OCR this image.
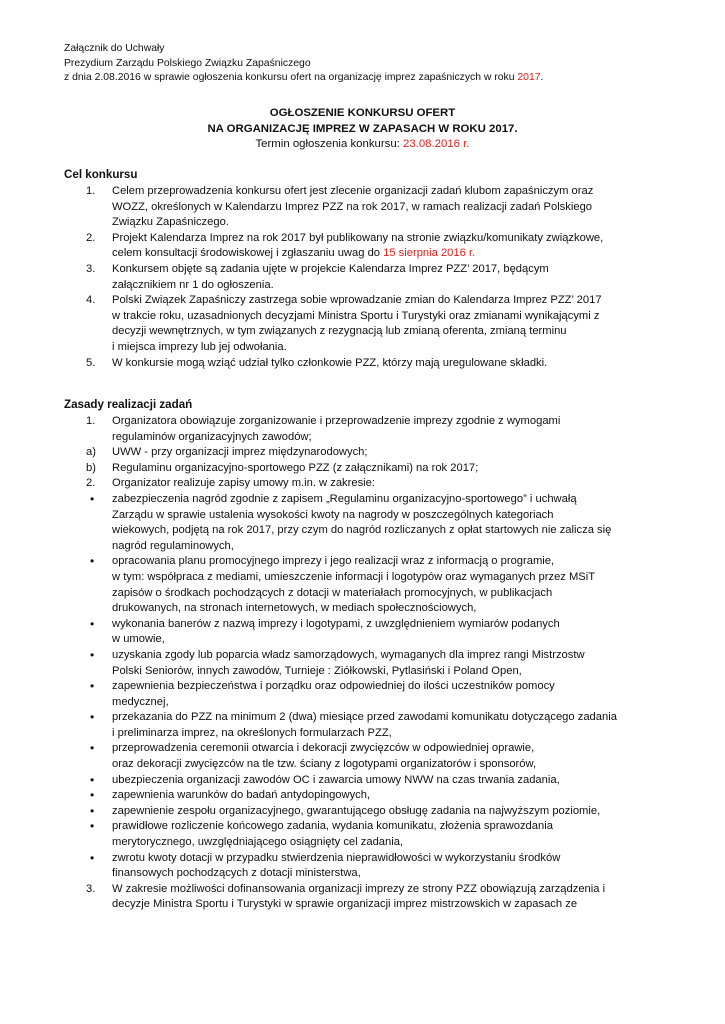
Załącznik do Uchwały
Prezydium Zarządu Polskiego Związku Zapaśniczego
z dnia 2.08.2016 w sprawie ogłoszenia konkursu ofert na organizację imprez zapaśniczych w roku 2017.
OGŁOSZENIE KONKURSU OFERT
NA ORGANIZACJĘ IMPREZ W ZAPASACH W ROKU 2017.
Termin ogłoszenia konkursu: 23.08.2016 r.
Cel konkursu
1. Celem przeprowadzenia konkursu ofert jest zlecenie organizacji zadań klubom zapaśniczym oraz
WOZZ, określonych w Kalendarzu Imprez PZZ na rok 2017, w ramach realizacji zadań Polskiego
Związku Zapaśniczego.
2. Projekt Kalendarza Imprez na rok 2017 był publikowany na stronie związku/komunikaty związkowe,
celem konsultacji środowiskowej i zgłaszaniu uwag do 15 sierpnia 2016 r.
3. Konkursem objęte są zadania ujęte w projekcie Kalendarza Imprez PZZ’ 2017, będącym
załącznikiem nr 1 do ogłoszenia.
4. Polski Związek Zapaśniczy zastrzega sobie wprowadzanie zmian do Kalendarza Imprez PZZ’ 2017
w trakcie roku, uzasadnionych decyzjami Ministra Sportu i Turystyki oraz zmianami wynikającymi z
decyzji wewnętrznych, w tym związanych z rezygnacją lub zmianą oferenta, zmianą terminu
i miejsca imprezy lub jej odwołania.
5. W konkursie mogą wziąć udział tylko członkowie PZZ, którzy mają uregulowane składki.
Zasady realizacji zadań
1. Organizatora obowiązuje zorganizowanie i przeprowadzenie imprezy zgodnie z wymogami
regulaminów organizacyjnych zawodów;
a) UWW - przy organizacji imprez międzynarodowych;
b) Regulaminu organizacyjno-sportowego PZZ (z załącznikami) na rok 2017;
2. Organizator realizuje zapisy umowy m.in. w zakresie:
• zabezpieczenia nagród zgodnie z zapisem „Regulaminu organizacyjno-sportowego” i uchwałą
Zarządu w sprawie ustalenia wysokości kwoty na nagrody w poszczególnych kategoriach
wiekowych, podjętą na rok 2017, przy czym do nagród rozliczanych z opłat startowych nie zalicza się
nagród regulaminowych,
• opracowania planu promocyjnego imprezy i jego realizacji wraz z informacją o programie,
w tym: współpraca z mediami, umieszczenie informacji i logotypów oraz wymaganych przez MSiT
zapisów o środkach pochodzących z dotacji w materiałach promocyjnych, w publikacjach
drukowanych, na stronach internetowych, w mediach społecznościowych,
• wykonania banerów z nazwą imprezy i logotypami, z uwzględnieniem wymiarów podanych
w umowie,
• uzyskania zgody lub poparcia władz samorządowych, wymaganych dla imprez rangi Mistrzostw
Polski Seniorów, innych zawodów, Turnieje : Ziółkowski, Pytlasiński i Poland Open,
• zapewnienia bezpieczeństwa i porządku oraz odpowiedniej do ilości uczestników pomocy
medycznej,
• przekazania do PZZ na minimum 2 (dwa) miesiące przed zawodami komunikatu dotyczącego zadania
i preliminarza imprez, na określonych formularzach PZZ,
• przeprowadzenia ceremonii otwarcia i dekoracji zwycięzców w odpowiedniej oprawie,
oraz dekoracji zwycięzców na tle tzw. ściany z logotypami organizatorów i sponsorów,
• ubezpieczenia organizacji zawodów OC i zawarcia umowy NWW na czas trwania zadania,
• zapewnienia warunków do badań antydopingowych,
• zapewnienie zespołu organizacyjnego, gwarantującego obsługę zadania na najwyższym poziomie,
• prawidłowe rozliczenie końcowego zadania, wydania komunikatu, złożenia sprawozdania
merytorycznego, uwzględniającego osiągnięty cel zadania,
• zwrotu kwoty dotacji w przypadku stwierdzenia nieprawidłowości w wykorzystaniu środków
finansowych pochodzących z dotacji ministerstwa,
3. W zakresie możliwości dofinansowania organizacji imprezy ze strony PZZ obowiązują zarządzenia i
decyzje Ministra Sportu i Turystyki w sprawie organizacji imprez mistrzowskich w zapasach ze
